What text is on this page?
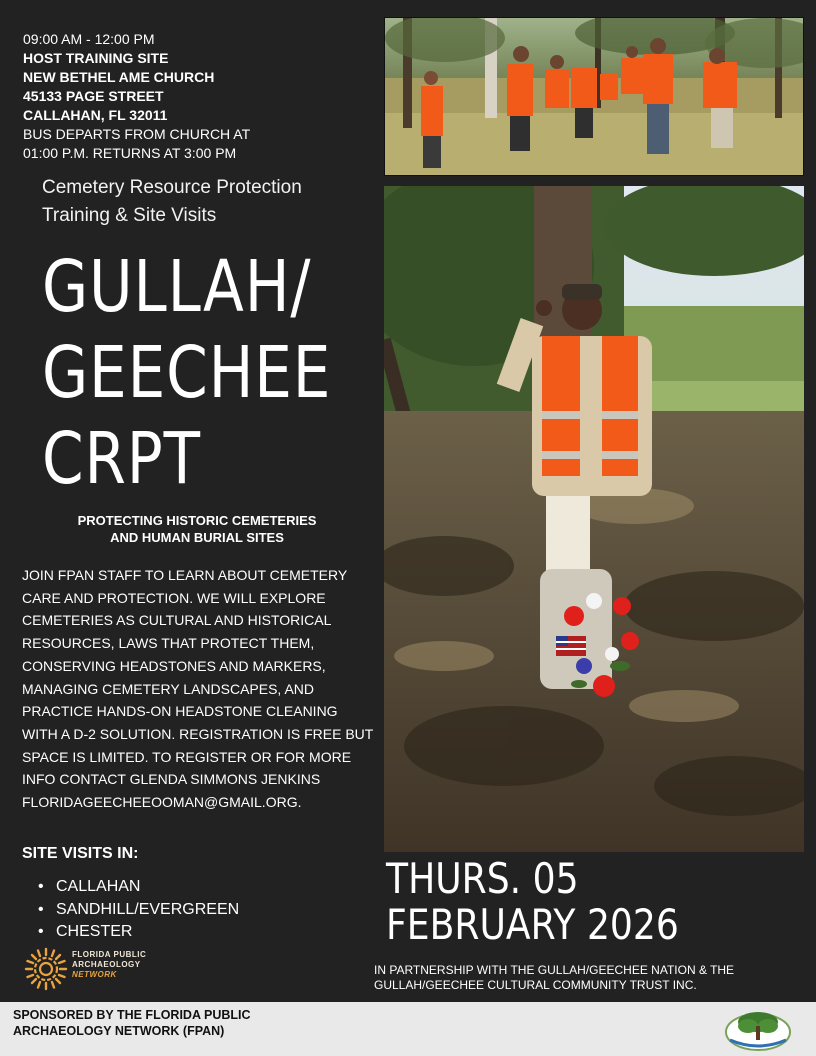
09:00 AM - 12:00 PM
HOST TRAINING SITE
NEW BETHEL AME CHURCH
45133 PAGE STREET
CALLAHAN, FL 32011
BUS DEPARTS FROM CHURCH AT
01:00 P.M. RETURNS AT 3:00 PM
Cemetery Resource Protection
Training & Site Visits
GULLAH/
GEECHEE
CRPT
PROTECTING HISTORIC CEMETERIES
AND HUMAN BURIAL SITES
JOIN FPAN STAFF TO LEARN ABOUT CEMETERY CARE AND PROTECTION. WE WILL EXPLORE CEMETERIES AS CULTURAL AND HISTORICAL RESOURCES, LAWS THAT PROTECT THEM, CONSERVING HEADSTONES AND MARKERS, MANAGING CEMETERY LANDSCAPES, AND PRACTICE HANDS-ON HEADSTONE CLEANING WITH A D-2 SOLUTION. REGISTRATION IS FREE BUT SPACE IS LIMITED. TO REGISTER OR FOR MORE INFO CONTACT GLENDA SIMMONS JENKINS FLORIDAGEECHEEOOMAN@GMAIL.ORG.
SITE VISITS IN:
• CALLAHAN
• SANDHILL/EVERGREEN
• CHESTER
FLORIDA PUBLIC
ARCHAEOLOGY
NETWORK
THURS. 05
FEBRUARY 2026
IN PARTNERSHIP WITH THE GULLAH/GEECHEE NATION & THE GULLAH/GEECHEE CULTURAL COMMUNITY TRUST INC.
SPONSORED BY THE FLORIDA PUBLIC
ARCHAEOLOGY NETWORK (FPAN)
